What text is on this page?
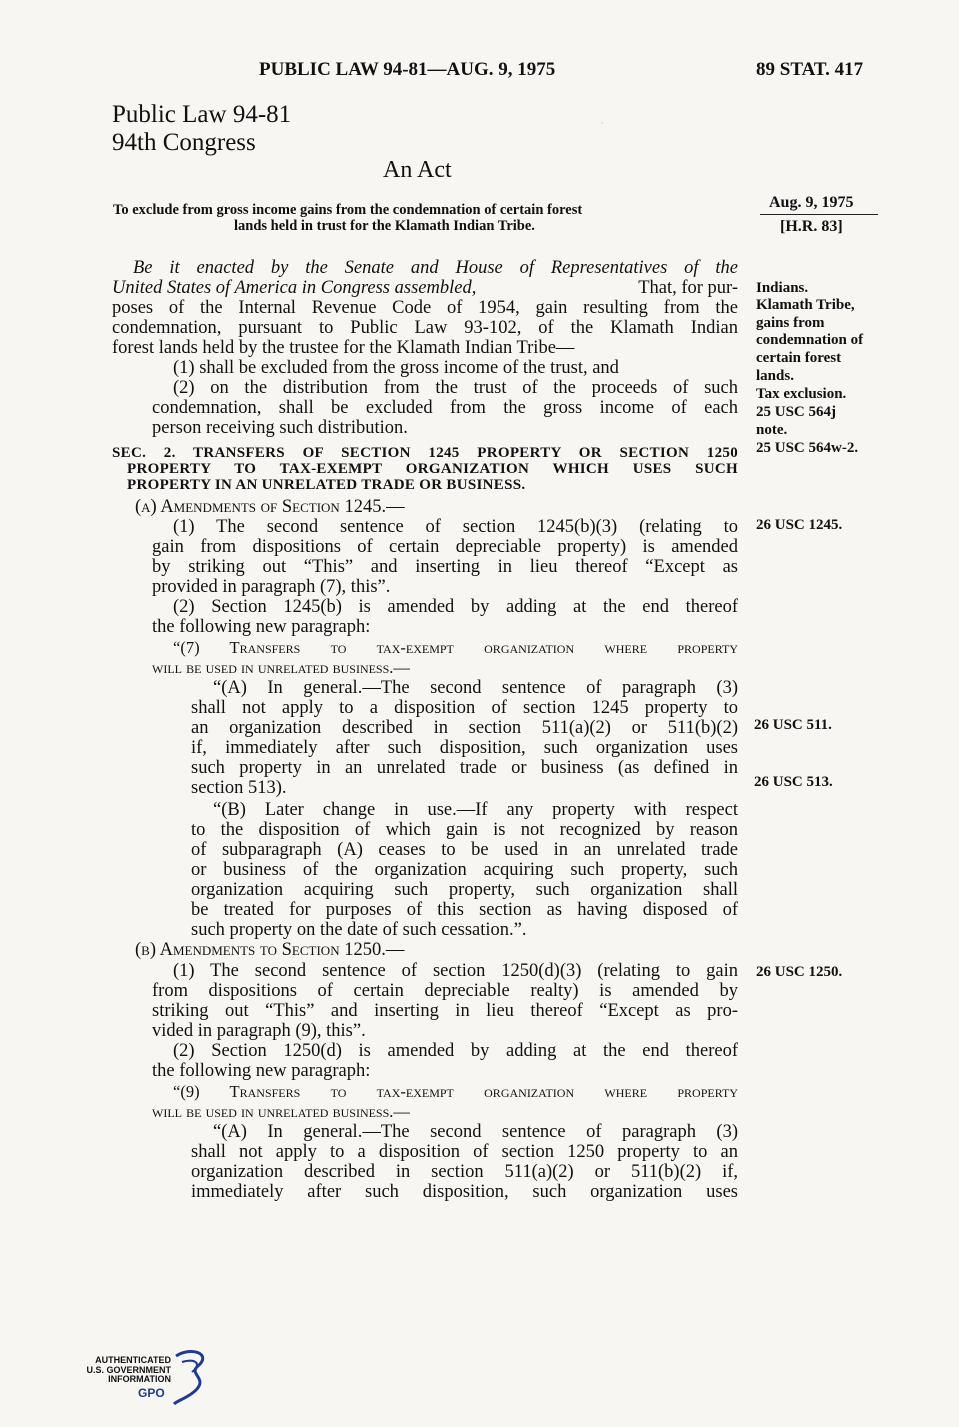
.
PUBLIC LAW 94-81—AUG. 9, 1975	89 STAT. 417
Public Law 94-81
94th Congress
An Act
To exclude from gross income gains from the condemnation of certain forest
lands held in trust for the Klamath Indian Tribe.
Aug. 9, 1975
[H.R. 83]
Be it enacted by the Senate and House of Representatives of the
United States of America in Congress assembled,	That, for pur-
poses of the Internal Revenue Code of 1954, gain resulting from the
condemnation, pursuant to Public Law 93-102, of the Klamath Indian
forest lands held by the trustee for the Klamath Indian Tribe—
(1) shall be excluded from the gross income of the trust, and
(2) on the distribution from the trust of the proceeds of such
condemnation, shall be excluded from the gross income of each
person receiving such distribution.
Indians.
Klamath Tribe,
gains from
condemnation of
certain forest
lands.
Tax exclusion.
25 USC 564j
note.
25 USC 564w-2.
26 USC 1245.
26 USC 511.
26 USC 513.
26 USC 1250.
SEC. 2. TRANSFERS OF SECTION 1245 PROPERTY OR SECTION 1250
PROPERTY TO TAX-EXEMPT ORGANIZATION WHICH USES SUCH
PROPERTY IN AN UNRELATED TRADE OR BUSINESS.
(a) Amendments of Section 1245.—
(1) The second sentence of section 1245(b)(3) (relating to
gain from dispositions of certain depreciable property) is amended
by striking out “This” and inserting in lieu thereof “Except as
provided in paragraph (7), this”.
(2) Section 1245(b) is amended by adding at the end thereof
the following new paragraph:
“(7) Transfers to tax-exempt organization where property
will be used in unrelated business.—
“(A) In general.—The second sentence of paragraph (3)
shall not apply to a disposition of section 1245 property to
an organization described in section 511(a)(2) or 511(b)(2)
if, immediately after such disposition, such organization uses
such property in an unrelated trade or business (as defined in
section 513).
“(B) Later change in use.—If any property with respect
to the disposition of which gain is not recognized by reason
of subparagraph (A) ceases to be used in an unrelated trade
or business of the organization acquiring such property, such
organization acquiring such property, such organization shall
be treated for purposes of this section as having disposed of
such property on the date of such cessation.”.
(b) Amendments to Section 1250.—
(1) The second sentence of section 1250(d)(3) (relating to gain
from dispositions of certain depreciable realty) is amended by
striking out “This” and inserting in lieu thereof “Except as pro-
vided in paragraph (9), this”.
(2) Section 1250(d) is amended by adding at the end thereof
the following new paragraph:
“(9) Transfers to tax-exempt organization where property
will be used in unrelated business.—
“(A) In general.—The second sentence of paragraph (3)
shall not apply to a disposition of section 1250 property to an
organization described in section 511(a)(2) or 511(b)(2) if,
immediately after such disposition, such organization uses
AUTHENTICATED
U.S. GOVERNMENT
INFORMATION
GPO
